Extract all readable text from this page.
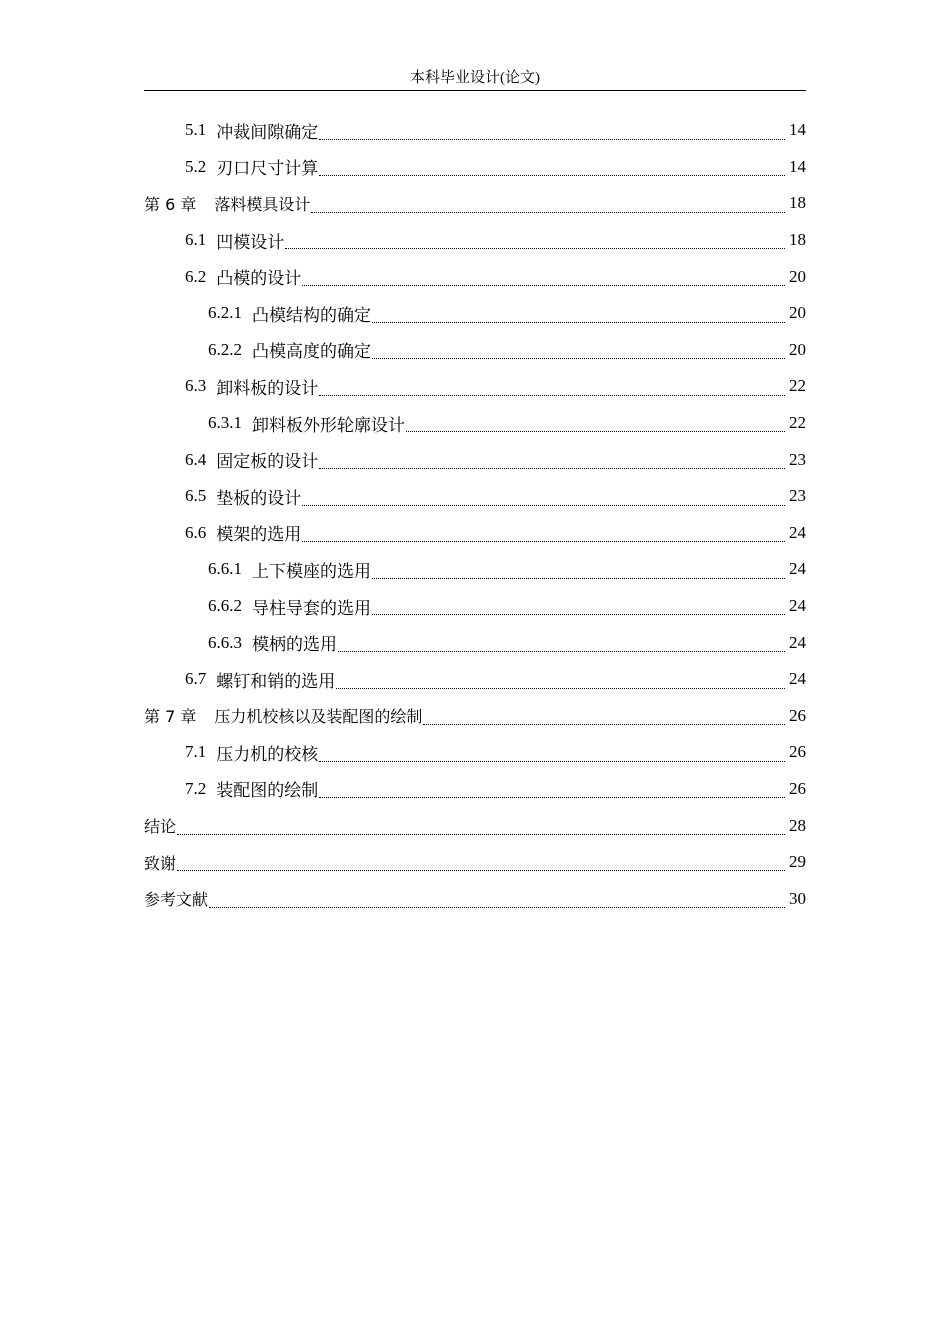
本科毕业设计(论文)
5.1 冲裁间隙确定	14
5.2 刃口尺寸计算	14
第 6 章 落料模具设计	18
6.1 凹模设计	18
6.2 凸模的设计	20
6.2.1 凸模结构的确定	20
6.2.2 凸模高度的确定	20
6.3 卸料板的设计	22
6.3.1 卸料板外形轮廓设计	22
6.4 固定板的设计	23
6.5 垫板的设计	23
6.6 模架的选用	24
6.6.1 上下模座的选用	24
6.6.2 导柱导套的选用	24
6.6.3 模柄的选用	24
6.7 螺钉和销的选用	24
第 7 章 压力机校核以及装配图的绘制	26
7.1 压力机的校核	26
7.2 装配图的绘制	26
结论	28
致谢	29
参考文献	30
